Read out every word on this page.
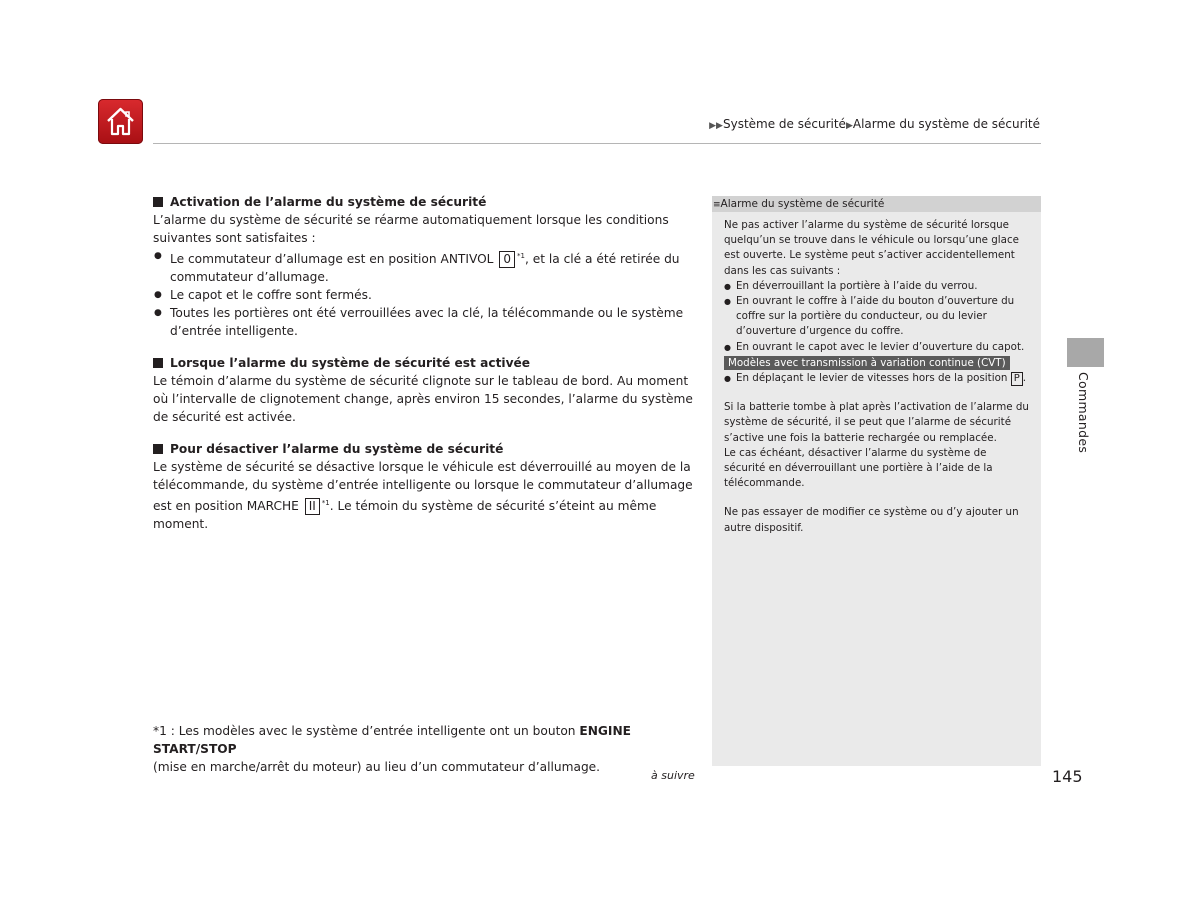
▶▶Système de sécurité▶Alarme du système de sécurité
Activation de l’alarme du système de sécurité

L’alarme du système de sécurité se réarme automatiquement lorsque les conditions suivantes sont satisfaites :

● Le commutateur d’allumage est en position ANTIVOL 0 $^{*1}$, et la clé a été retirée du commutateur d’allumage.
● Le capot et le coffre sont fermés.
● Toutes les portières ont été verrouillées avec la clé, la télécommande ou le système d’entrée intelligente.
Lorsque l’alarme du système de sécurité est activée

Le témoin d’alarme du système de sécurité clignote sur le tableau de bord. Au moment où l’intervalle de clignotement change, après environ 15 secondes, l’alarme du système de sécurité est activée.

Pour désactiver l’alarme du système de sécurité

Le système de sécurité se désactive lorsque le véhicule est déverrouillé au moyen de la télécommande, du système d’entrée intelligente ou lorsque le commutateur d’allumage est en position MARCHE II $^{*1}$. Le témoin du système de sécurité s’éteint au même moment.

*1 : Les modèles avec le système d’entrée intelligente ont un bouton ENGINE START/STOP
(mise en marche/arrêt du moteur) au lieu d’un commutateur d’allumage.
≡Alarme du système de sécurité

Ne pas activer l’alarme du système de sécurité lorsque quelqu’un se trouve dans le véhicule ou lorsqu’une glace est ouverte. Le système peut s’activer accidentellement dans les cas suivants :

● En déverrouillant la portière à l’aide du verrou.
● En ouvrant le coffre à l’aide du bouton d’ouverture du coffre sur la portière du conducteur, ou du levier d’ouverture d’urgence du coffre.
● En ouvrant le capot avec le levier d’ouverture du capot.
Modèles avec transmission à variation continue (CVT)
● En déplaçant le levier de vitesses hors de la position P .

Si la batterie tombe à plat après l’activation de l’alarme du système de sécurité, il se peut que l’alarme de sécurité s’active une fois la batterie rechargée ou remplacée.

Le cas échéant, désactiver l’alarme du système de sécurité en déverrouillant une portière à l’aide de la télécommande.

Ne pas essayer de modifier ce système ou d’y ajouter un autre dispositif.

Commandes
à suivre	145
